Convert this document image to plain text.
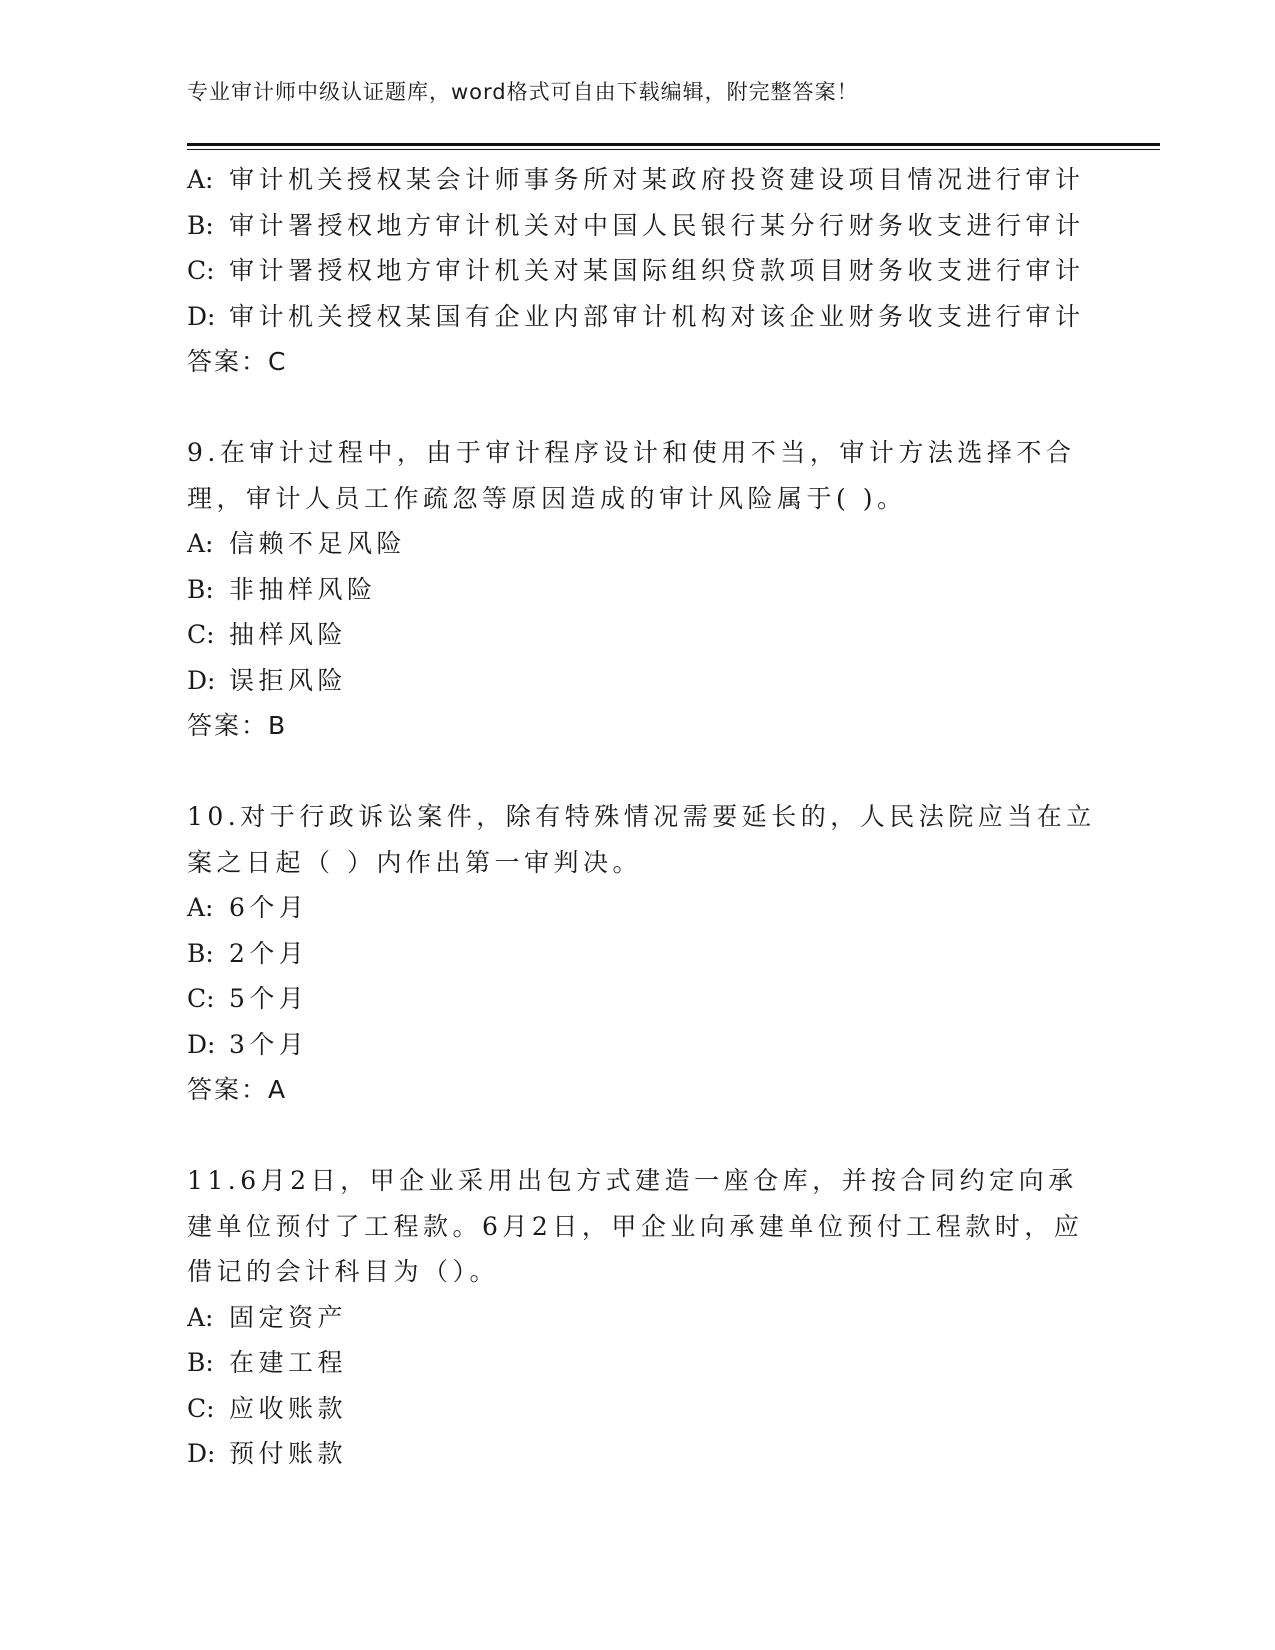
专业审计师中级认证题库，word格式可自由下载编辑，附完整答案！
A: 审计机关授权某会计师事务所对某政府投资建设项目情况进行审计
B: 审计署授权地方审计机关对中国人民银行某分行财务收支进行审计
C: 审计署授权地方审计机关对某国际组织贷款项目财务收支进行审计
D: 审计机关授权某国有企业内部审计机构对该企业财务收支进行审计
答案：C
9.在审计过程中，由于审计程序设计和使用不当，审计方法选择不合
理，审计人员工作疏忽等原因造成的审计风险属于( )。
A: 信赖不足风险
B: 非抽样风险
C: 抽样风险
D: 误拒风险
答案：B
10.对于行政诉讼案件，除有特殊情况需要延长的，人民法院应当在立
案之日起（ ）内作出第一审判决。
A: 6个月
B: 2个月
C: 5个月
D: 3个月
答案：A
11.6月2日，甲企业采用出包方式建造一座仓库，并按合同约定向承
建单位预付了工程款。6月2日，甲企业向承建单位预付工程款时，应
借记的会计科目为（）。
A: 固定资产
B: 在建工程
C: 应收账款
D: 预付账款
